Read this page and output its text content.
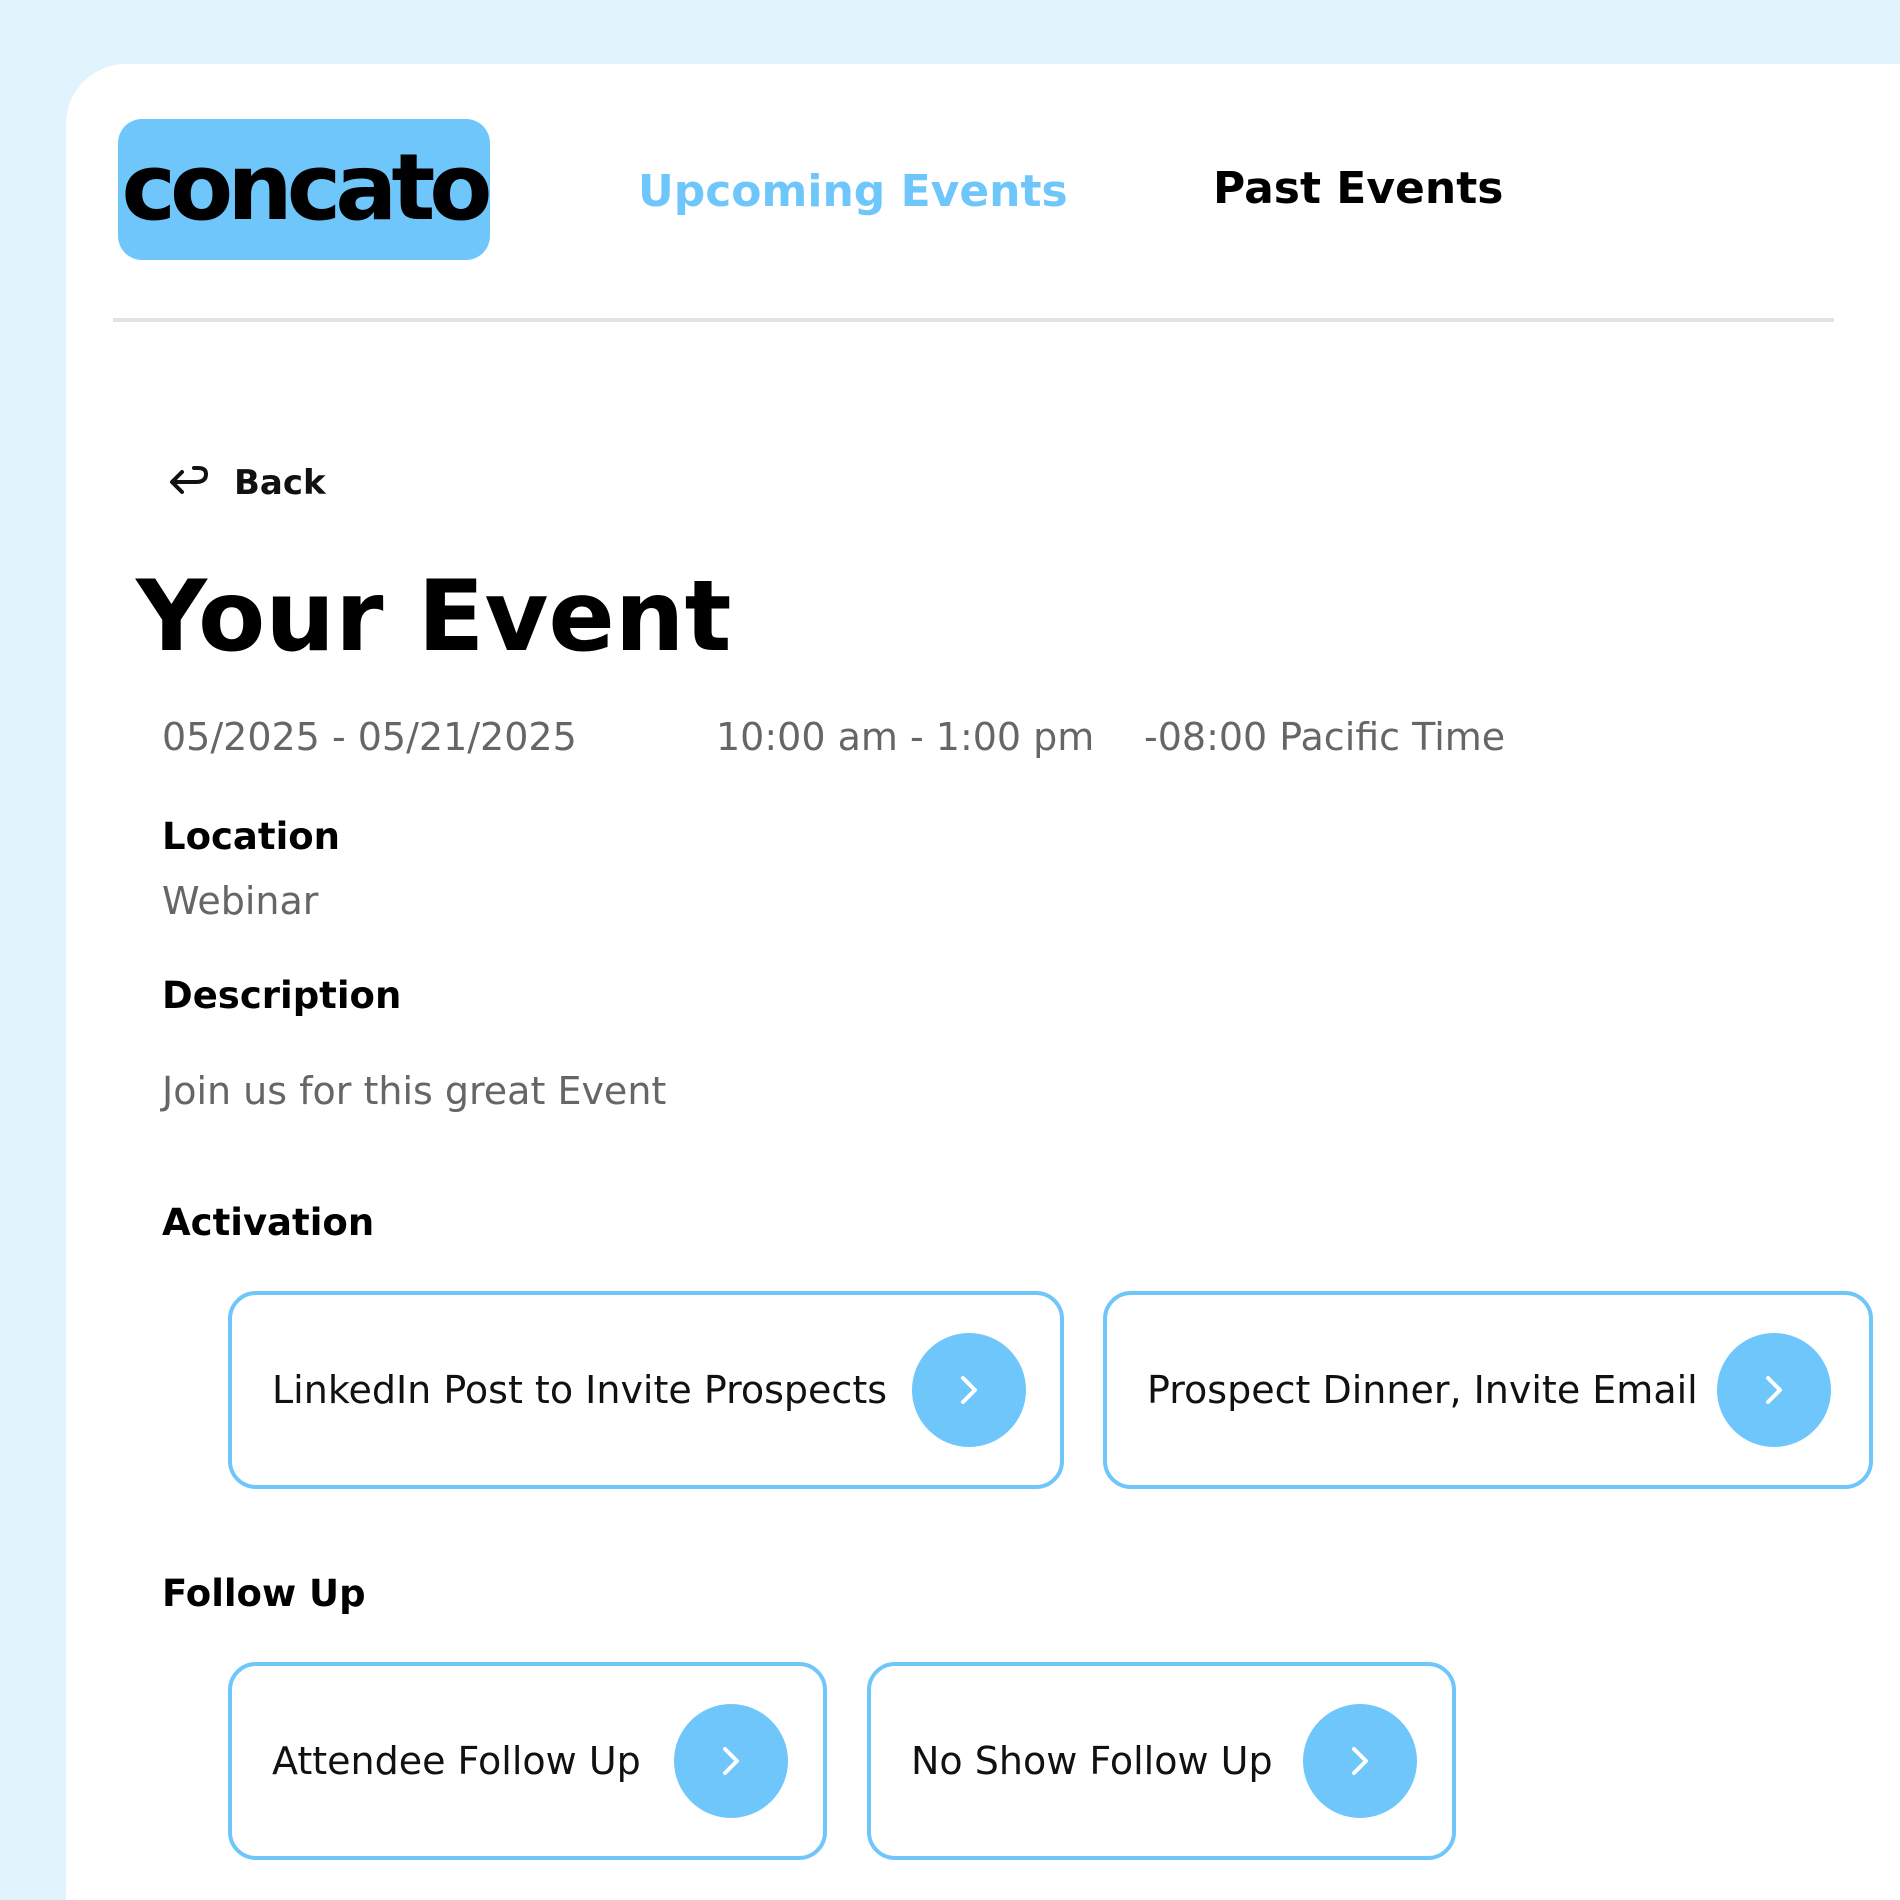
concato	Upcoming Events	Past Events
Back
Your Event
05/2025 - 05/21/2025	10:00 am - 1:00 pm -08:00 Pacific Time
Location
Webinar
Description
Join us for this great Event
Activation
LinkedIn Post to Invite Prospects	Prospect Dinner, Invite Email
Follow Up
Attendee Follow Up	No Show Follow Up
